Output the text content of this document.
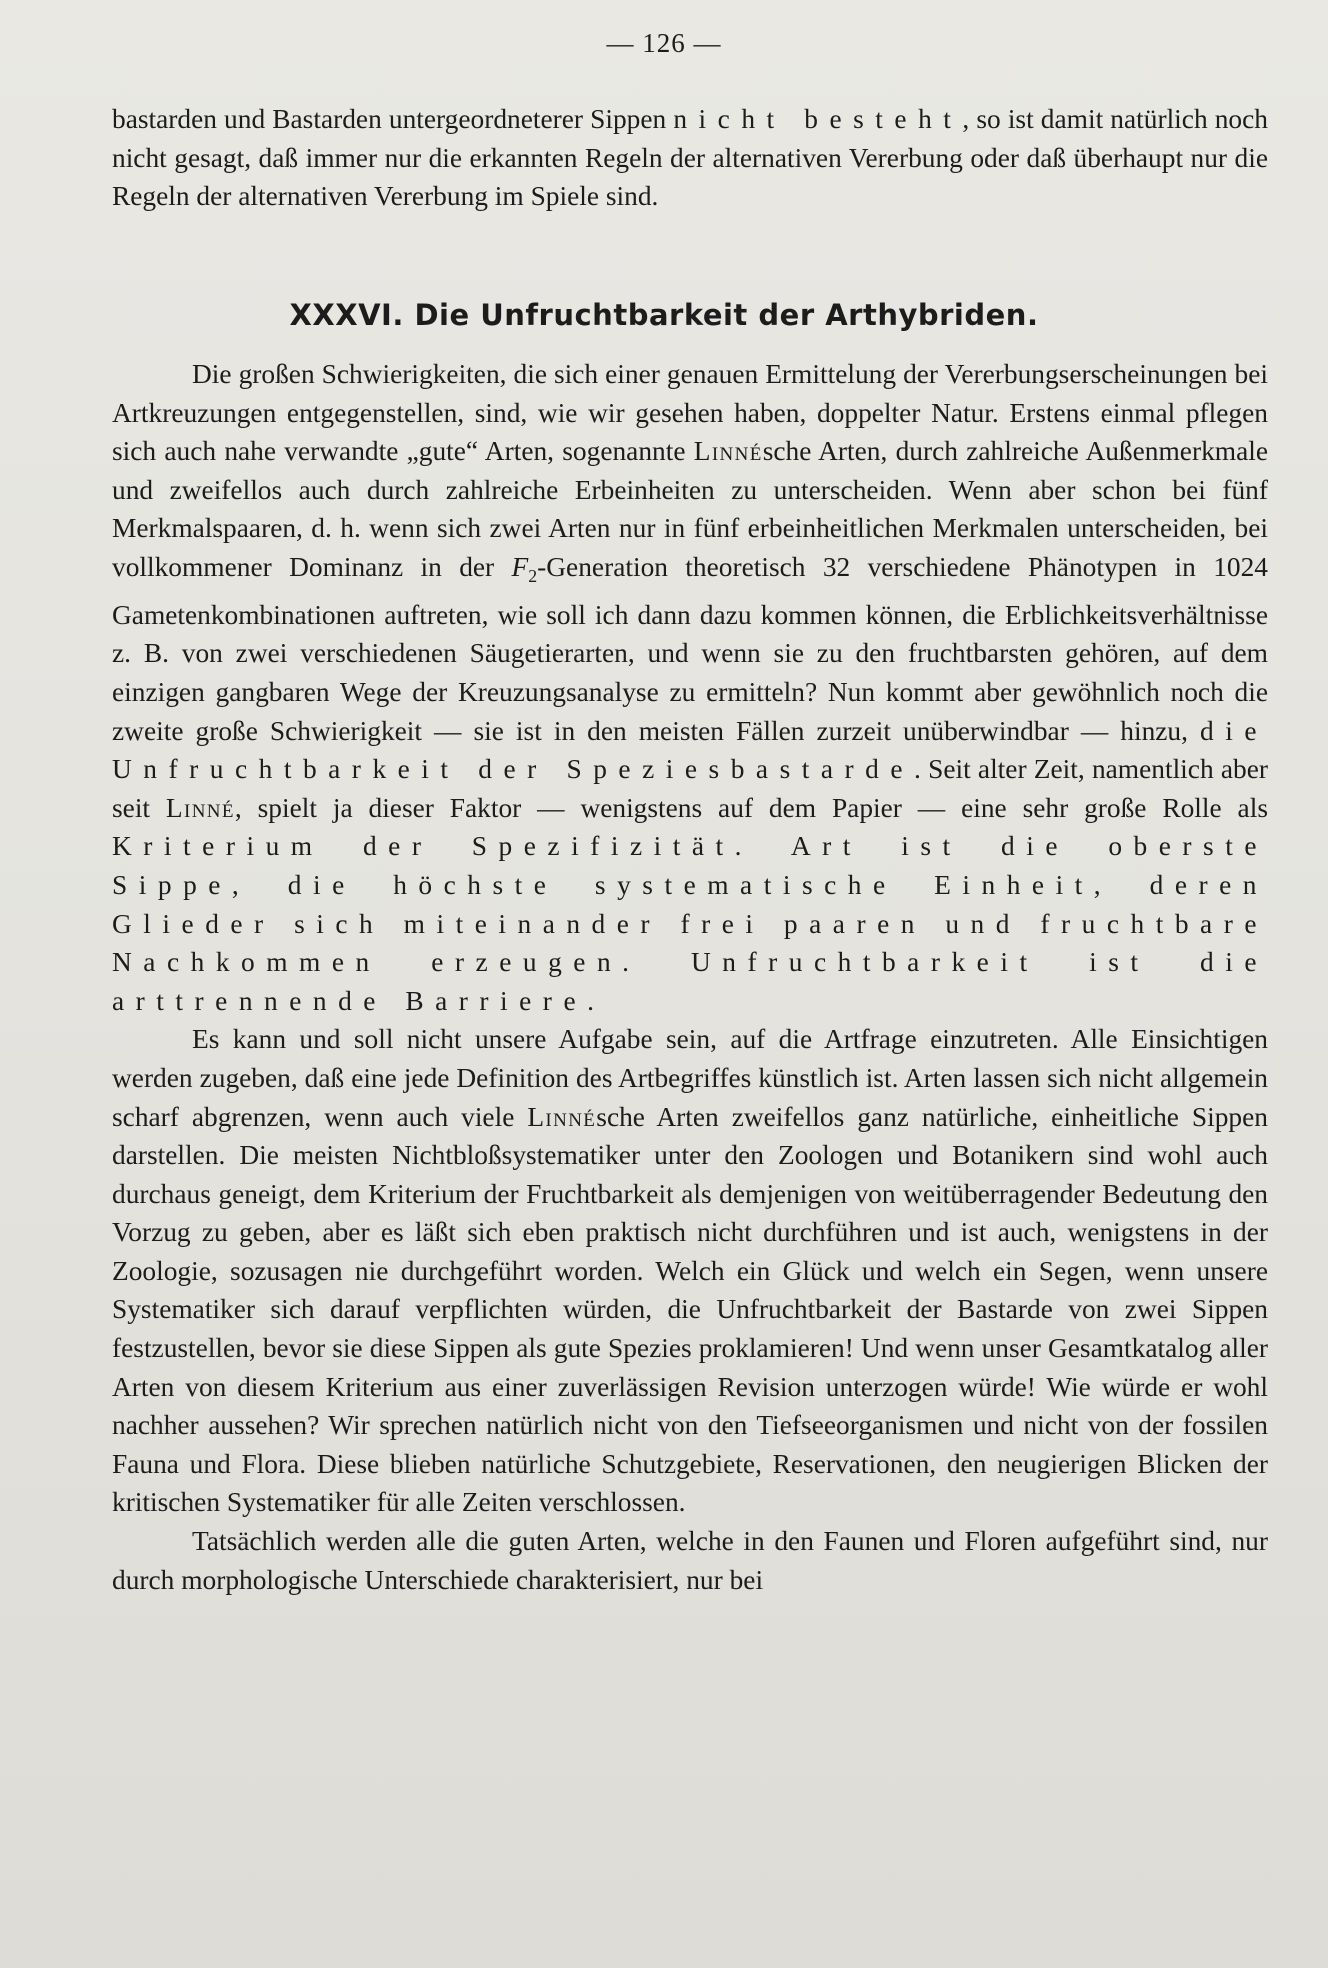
— 126 —

bastarden und Bastarden untergeordneterer Sippen nicht besteht, so ist damit natürlich noch nicht gesagt, daß immer nur die erkannten Regeln der alternativen Vererbung oder daß überhaupt nur die Regeln der alternativen Vererbung im Spiele sind.

XXXVI. Die Unfruchtbarkeit der Arthybriden.

Die großen Schwierigkeiten, die sich einer genauen Ermittelung der Vererbungserscheinungen bei Artkreuzungen entgegenstellen, sind, wie wir gesehen haben, doppelter Natur. Erstens einmal pflegen sich auch nahe verwandte „gute“ Arten, sogenannte Linnésche Arten, durch zahlreiche Außenmerkmale und zweifellos auch durch zahlreiche Erbeinheiten zu unterscheiden. Wenn aber schon bei fünf Merkmalspaaren, d. h. wenn sich zwei Arten nur in fünf erbeinheitlichen Merkmalen unterscheiden, bei vollkommener Dominanz in der $F_2$-Generation theoretisch 32 verschiedene Phänotypen in 1024 Gametenkombinationen auftreten, wie soll ich dann dazu kommen können, die Erblichkeitsverhältnisse z. B. von zwei verschiedenen Säugetierarten, und wenn sie zu den fruchtbarsten gehören, auf dem einzigen gangbaren Wege der Kreuzungsanalyse zu ermitteln? Nun kommt aber gewöhnlich noch die zweite große Schwierigkeit — sie ist in den meisten Fällen zurzeit unüberwindbar — hinzu, die Unfruchtbarkeit der Speziesbastarde. Seit alter Zeit, namentlich aber seit Linné, spielt ja dieser Faktor — wenigstens auf dem Papier — eine sehr große Rolle als Kriterium der Spezifizität. Art ist die oberste Sippe, die höchste systematische Einheit, deren Glieder sich miteinander frei paaren und fruchtbare Nachkommen erzeugen. Unfruchtbarkeit ist die arttrennende Barriere.

Es kann und soll nicht unsere Aufgabe sein, auf die Artfrage einzutreten. Alle Einsichtigen werden zugeben, daß eine jede Definition des Artbegriffes künstlich ist. Arten lassen sich nicht allgemein scharf abgrenzen, wenn auch viele Linnésche Arten zweifellos ganz natürliche, einheitliche Sippen darstellen. Die meisten Nichtbloßsystematiker unter den Zoologen und Botanikern sind wohl auch durchaus geneigt, dem Kriterium der Fruchtbarkeit als demjenigen von weitüberragender Bedeutung den Vorzug zu geben, aber es läßt sich eben praktisch nicht durchführen und ist auch, wenigstens in der Zoologie, sozusagen nie durchgeführt worden. Welch ein Glück und welch ein Segen, wenn unsere Systematiker sich darauf verpflichten würden, die Unfruchtbarkeit der Bastarde von zwei Sippen festzustellen, bevor sie diese Sippen als gute Spezies proklamieren! Und wenn unser Gesamtkatalog aller Arten von diesem Kriterium aus einer zuverlässigen Revision unterzogen würde! Wie würde er wohl nachher aussehen? Wir sprechen natürlich nicht von den Tiefseeorganismen und nicht von der fossilen Fauna und Flora. Diese blieben natürliche Schutzgebiete, Reservationen, den neugierigen Blicken der kritischen Systematiker für alle Zeiten verschlossen.

Tatsächlich werden alle die guten Arten, welche in den Faunen und Floren aufgeführt sind, nur durch morphologische Unterschiede charakterisiert, nur bei
